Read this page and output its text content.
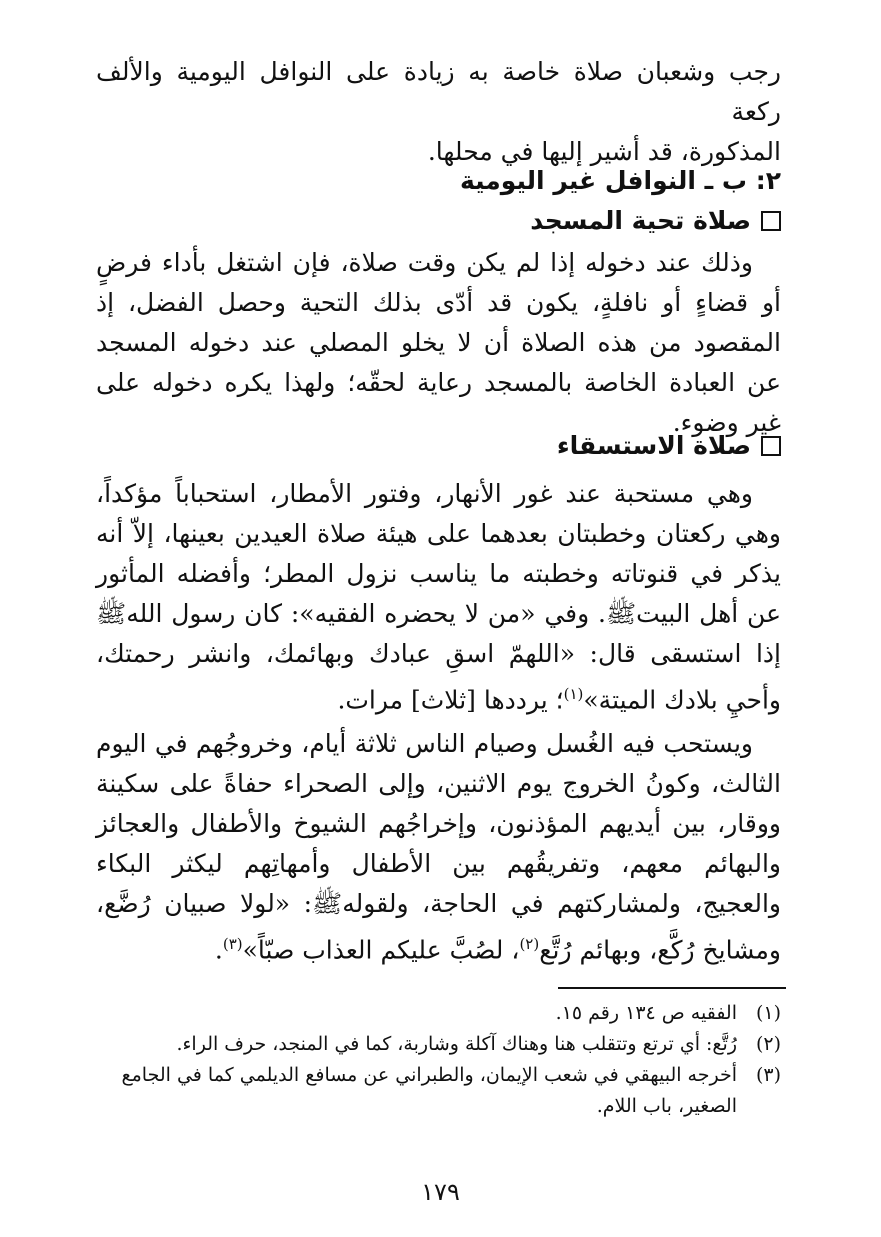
رجب وشعبان صلاة خاصة به زيادة على النوافل اليومية والألف ركعة

المذكورة، قد أشير إليها في محلها.

٢: ب ـ النوافل غير اليومية
صلاة تحية المسجد

وذلك عند دخوله إذا لم يكن وقت صلاة، فإن اشتغل بأداء فرضٍ أو قضاءٍ أو نافلةٍ، يكون قد أدّى بذلك التحية وحصل الفضل، إذ المقصود من هذه الصلاة أن لا يخلو المصلي عند دخوله المسجد عن العبادة الخاصة بالمسجد رعاية لحقّه؛ ولهذا يكره دخوله على غير وضوء.

صلاة الاستسقاء

وهي مستحبة عند غور الأنهار، وفتور الأمطار، استحباباً مؤكداً، وهي ركعتان وخطبتان بعدهما على هيئة صلاة العيدين بعينها، إلاّ أنه يذكر في قنوتاته وخطبته ما يناسب نزول المطر؛ وأفضله المأثور عن أهل البيتﷺ. وفي «من لا يحضره الفقيه»: كان رسول اللهﷺ إذا استسقى قال: «اللهمّ اسقِ عبادك وبهائمك، وانشر رحمتك، وأحيِ بلادك الميتة»$^{(١)}$؛ يرددها [ثلاث] مرات.

ويستحب فيه الغُسل وصيام الناس ثلاثة أيام، وخروجُهم في اليوم الثالث، وكونُ الخروج يوم الاثنين، وإلى الصحراء حفاةً على سكينة ووقار، بين أيديهم المؤذنون، وإخراجُهم الشيوخ والأطفال والعجائز والبهائم معهم، وتفريقُهم بين الأطفال وأمهاتِهم ليكثر البكاء والعجيج، ولمشاركتهم في الحاجة، ولقولهﷺ: «لولا صبيان رُضَّع، ومشايخ رُكَّع، وبهائم رُتَّع$^{(٢)}$، لصُبَّ عليكم العذاب صبّاً»$^{(٣)}$.

(١)
الفقيه ص ١٣٤ رقم ١٥.
(٢)
رُتَّع: أي ترتع وتتقلب هنا وهناك آكلة وشاربة، كما في المنجد، حرف الراء.
(٣)
أخرجه البيهقي في شعب الإيمان، والطبراني عن مسافع الديلمي كما في الجامع الصغير، باب اللام.
١٧٩
